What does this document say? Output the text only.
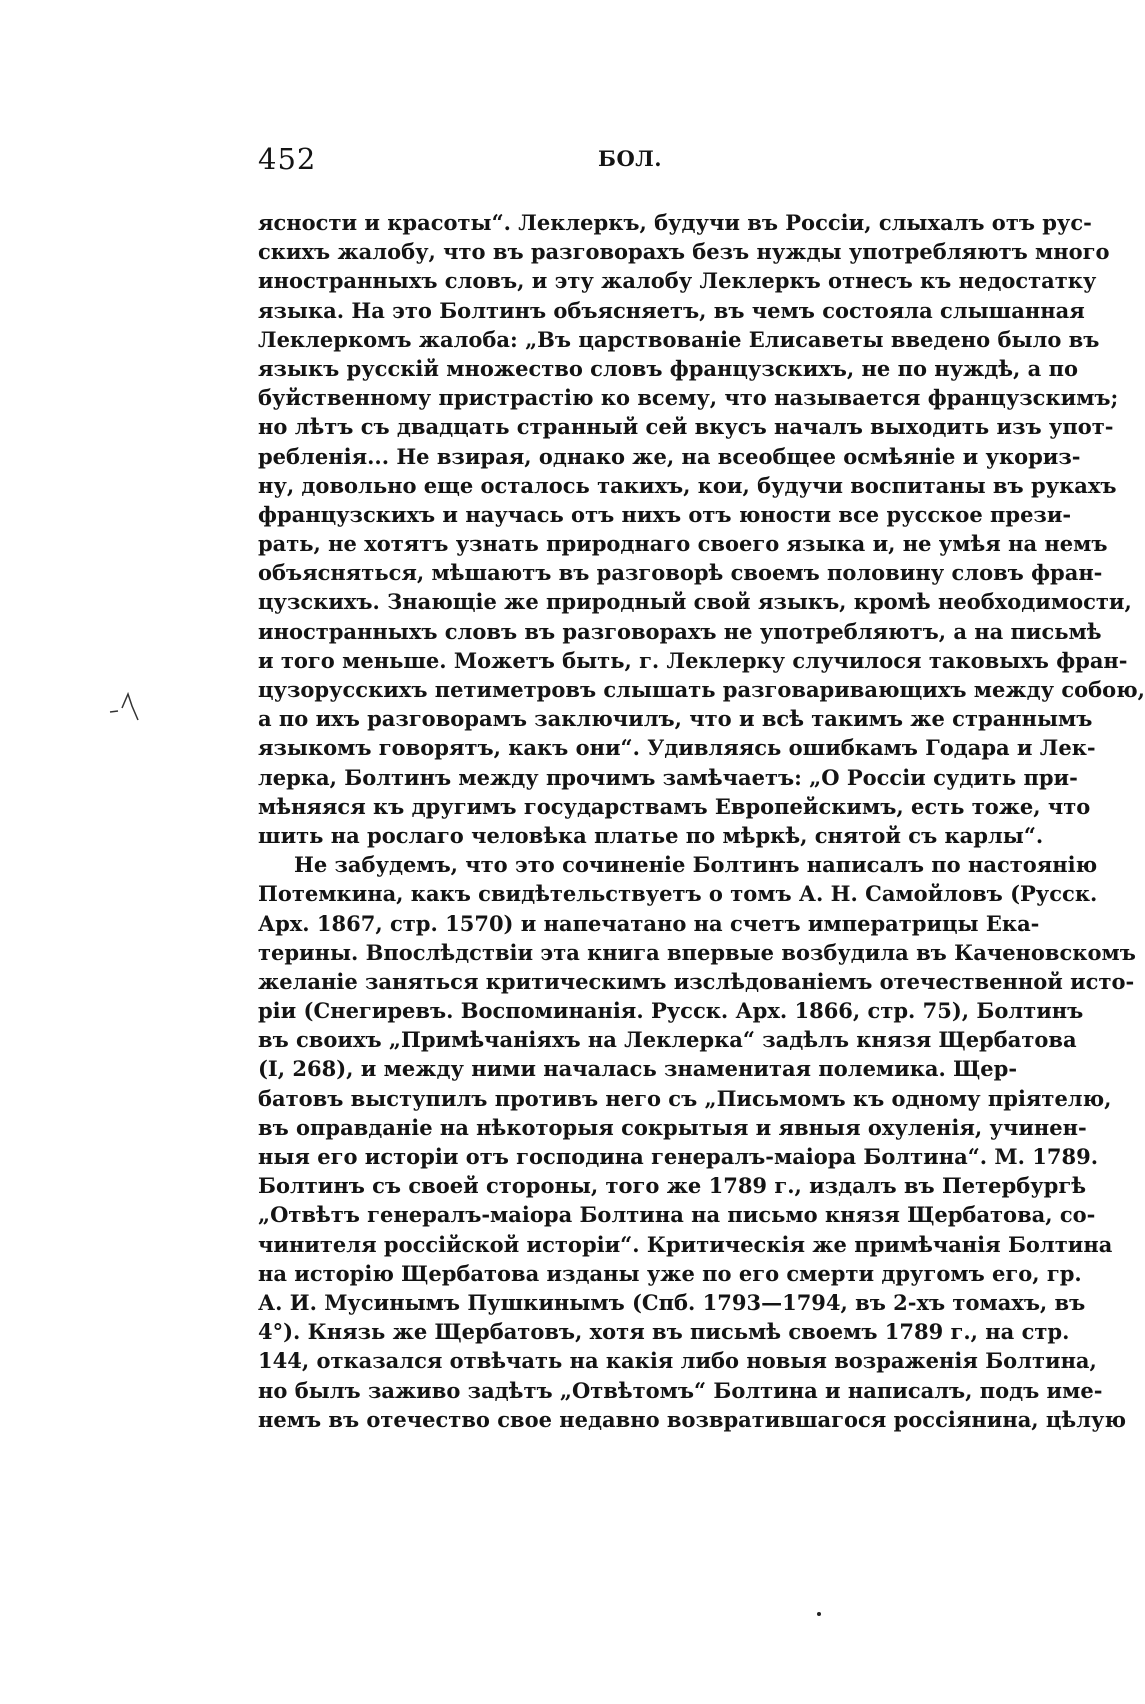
452	БОЛ.
ясности и красоты“. Леклеркъ, будучи въ Россіи, слыхалъ отъ рус-
скихъ жалобу, что въ разговорахъ безъ нужды употребляютъ много
иностранныхъ словъ, и эту жалобу Леклеркъ отнесъ къ недостатку
языка. На это Болтинъ объясняетъ, въ чемъ состояла слышанная
Леклеркомъ жалоба: „Въ царствованіе Елисаветы введено было въ
языкъ русскій множество словъ французскихъ, не по нуждѣ, а по
буйственному пристрастію ко всему, что называется французскимъ;
но лѣтъ съ двадцать странный сей вкусъ началъ выходить изъ упот-
ребленія... Не взирая, однако же, на всеобщее осмѣяніе и укориз-
ну, довольно еще осталось такихъ, кои, будучи воспитаны въ рукахъ
французскихъ и научась отъ нихъ отъ юности все русское прези-
рать, не хотятъ узнать природнаго своего языка и, не умѣя на немъ
объясняться, мѣшаютъ въ разговорѣ своемъ половину словъ фран-
цузскихъ. Знающіе же природный свой языкъ, кромѣ необходимости,
иностранныхъ словъ въ разговорахъ не употребляютъ, а на письмѣ
и того меньше. Можетъ быть, г. Леклерку случилося таковыхъ фран-
цузорусскихъ петиметровъ слышать разговаривающихъ между собою,
а по ихъ разговорамъ заключилъ, что и всѣ такимъ же страннымъ
языкомъ говорятъ, какъ они“. Удивляясь ошибкамъ Годара и Лек-
лерка, Болтинъ между прочимъ замѣчаетъ: „О Россіи судить при-
мѣняяся къ другимъ государствамъ Европейскимъ, есть тоже, что
шить на рослаго человѣка платье по мѣркѣ, снятой съ карлы“.
Не забудемъ, что это сочиненіе Болтинъ написалъ по настоянію
Потемкина, какъ свидѣтельствуетъ о томъ А. Н. Самойловъ (Русск.
Арх. 1867, стр. 1570) и напечатано на счетъ императрицы Ека-
терины. Впослѣдствіи эта книга впервые возбудила въ Каченовскомъ
желаніе заняться критическимъ изслѣдованіемъ отечественной исто-
ріи (Снегиревъ. Воспоминанія. Русск. Арх. 1866, стр. 75), Болтинъ
въ своихъ „Примѣчаніяхъ на Леклерка“ задѣлъ князя Щербатова
(I, 268), и между ними началась знаменитая полемика. Щер-
батовъ выступилъ противъ него съ „Письмомъ къ одному пріятелю,
въ оправданіе на нѣкоторыя сокрытыя и явныя охуленія, учинен-
ныя его исторіи отъ господина генералъ-маіора Болтина“. М. 1789.
Болтинъ съ своей стороны, того же 1789 г., издалъ въ Петербургѣ
„Отвѣтъ генералъ-маіора Болтина на письмо князя Щербатова, со-
чинителя россійской исторіи“. Критическія же примѣчанія Болтина
на исторію Щербатова изданы уже по его смерти другомъ его, гр.
А. И. Мусинымъ Пушкинымъ (Спб. 1793—1794, въ 2-хъ томахъ, въ
4°). Князь же Щербатовъ, хотя въ письмѣ своемъ 1789 г., на стр.
144, отказался отвѣчать на какія либо новыя возраженія Болтина,
но былъ заживо задѣтъ „Отвѣтомъ“ Болтина и написалъ, подъ име-
немъ въ отечество свое недавно возвратившагося россіянина, цѣлую
